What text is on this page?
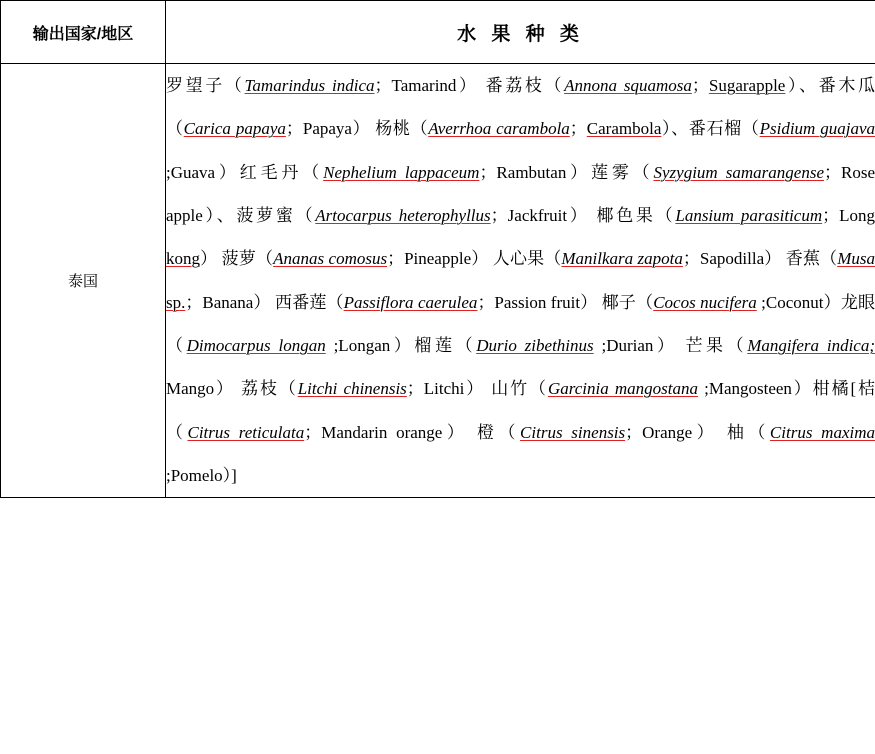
输出国家/地区	水 果 种 类
泰国	罗望子（Tamarindus indica；Tamarind） 番荔枝（Annona squamosa；Sugarapple）、番木瓜（Carica papaya；Papaya） 杨桃（Averrhoa carambola；Carambola）、番石榴（Psidium guajava ;Guava）红毛丹（Nephelium lappaceum；Rambutan）莲雾（Syzygium samarangense；Rose apple）、菠萝蜜（Artocarpus heterophyllus；Jackfruit） 椰色果（Lansium parasiticum；Long kong） 菠萝（Ananas comosus；Pineapple） 人心果（Manilkara zapota；Sapodilla） 香蕉（Musa sp.；Banana） 西番莲（Passiflora caerulea；Passion fruit） 椰子（Cocos nucifera ;Coconut）龙眼（Dimocarpus longan ;Longan）榴莲（Durio zibethinus ;Durian） 芒果（Mangifera indica; Mango） 荔枝（Litchi chinensis；Litchi） 山竹（Garcinia mangostana ;Mangosteen）柑橘[桔（Citrus reticulata；Mandarin orange） 橙（Citrus sinensis；Orange） 柚（Citrus maxima ;Pomelo）]
